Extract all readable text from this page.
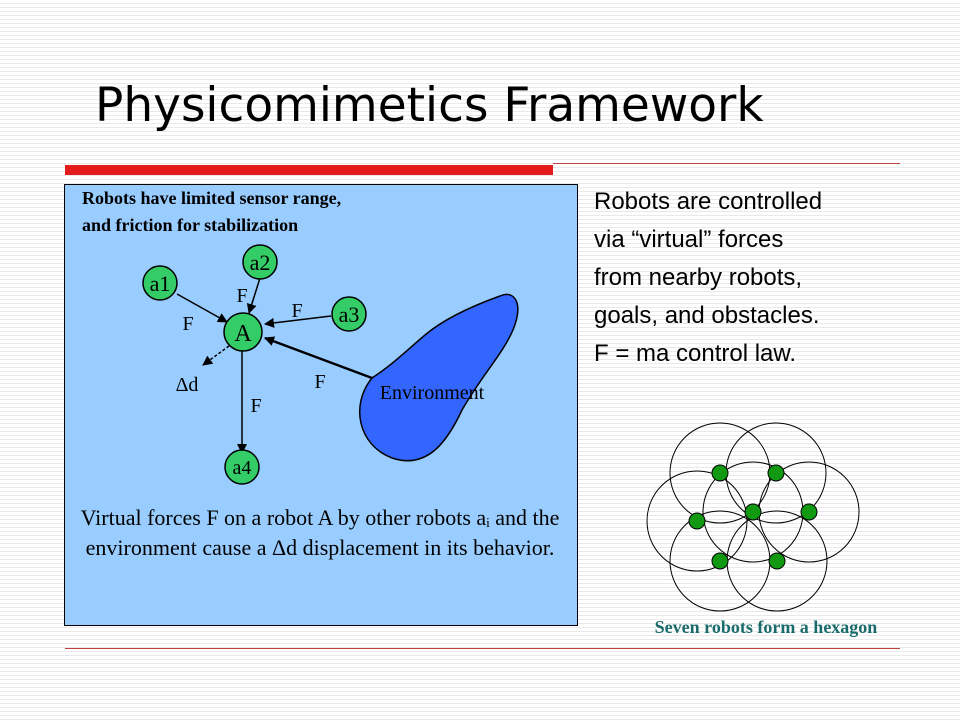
Physicomimetics Framework
Robots have limited sensor range,
and friction for stabilization
a1
a2
a3
a4
A
F
F
F
F
F
Δd	Environment
Virtual forces F on a robot A by other robots aᵢ and the environment cause a Δd displacement in its behavior.
Robots are controlled
via “virtual” forces
from nearby robots,
goals, and obstacles.
F = ma control law.
Seven robots form a hexagon
